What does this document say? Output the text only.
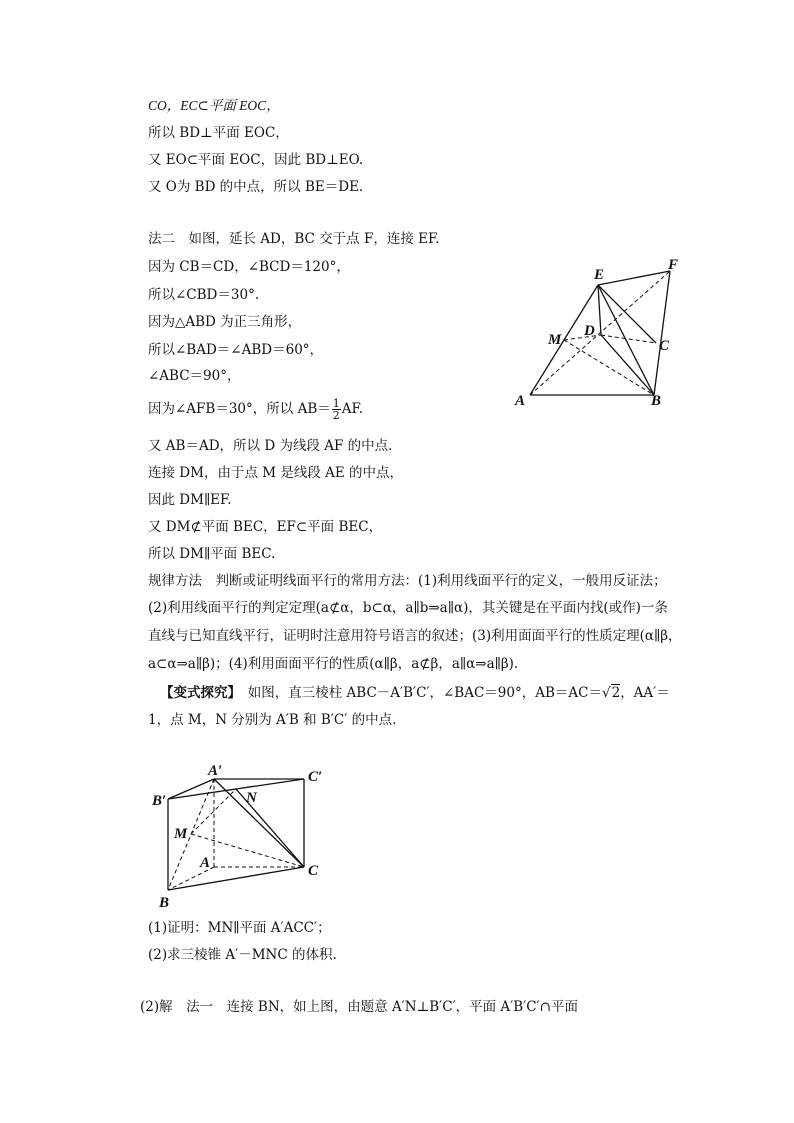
CO，EC⊂平面 EOC，
所以 BD⊥平面 EOC，
又 EO⊂平面 EOC，因此 BD⊥EO.
又 O为 BD 的中点，所以 BE＝DE.
法二　 如图，延长 AD，BC 交于点 F，连接 EF.
因为 CB＝CD，∠BCD＝120°，
所以∠CBD＝30°.
因为△ABD 为正三角形，
所以∠BAD＝∠ABD＝60°，
∠ABC＝90°，
因为∠AFB＝30°，所以 $AB= \frac{1}{2}$ AF.
又 AB＝AD，所以 D 为线段 AF 的中点.
连接 DM，由于点 M 是线段 AE 的中点，
因此 DM∥EF.
又 DM⊄平面 BEC，EF⊂平面 BEC，
所以 DM∥平面 BEC.
E
F
D
M	C
A	B
规律方法　判断或证明线面平行的常用方法：(1)利用线面平行的定义，一般用反证法；
(2)利用线面平行的判定定理(a⊄α，b⊂α，a∥b⇒a∥α)，其关键是在平面内找(或作)一条
直线与已知直线平行，证明时注意用符号语言的叙述；(3)利用面面平行的性质定理(α∥β，
a⊂α⇒a∥β)；(4)利用面面平行的性质(α∥β，a⊄β，a∥α⇒a∥β).
【变式探究】  如图，直三棱柱 ABC－A′B′C′，∠BAC＝90°，AB＝AC＝√2，AA′＝
1，点 M，N 分别为 A′B 和 B′C′ 的中点.
A′	C′
B′	N
M
A	C
B
(1)证明：MN∥平面 A′ACC′；
(2)求三棱锥 A′－MNC 的体积.
(2)解　法一　连接 BN，如上图，由题意 A′N⊥B′C′，平面 A′B′C′∩平面
